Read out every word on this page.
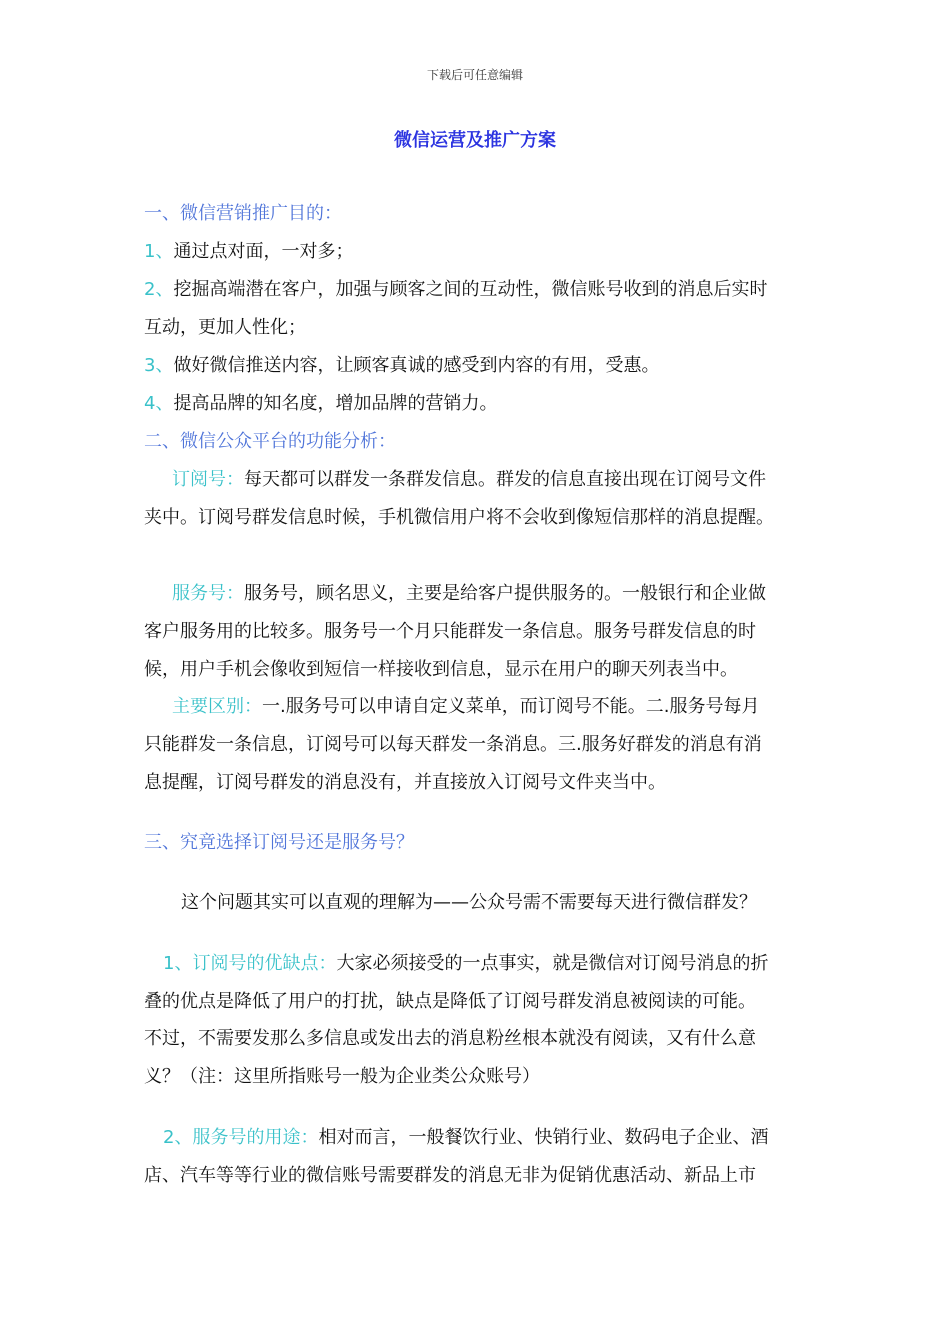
下载后可任意编辑
微信运营及推广方案
一、微信营销推广目的：
1、通过点对面，一对多；
2、挖掘高端潜在客户，加强与顾客之间的互动性，微信账号收到的消息后实时
互动，更加人性化；
3、做好微信推送内容，让顾客真诚的感受到内容的有用，受惠。
4、提高品牌的知名度，增加品牌的营销力。
二、微信公众平台的功能分析：
订阅号：每天都可以群发一条群发信息。群发的信息直接出现在订阅号文件
夹中。订阅号群发信息时候，手机微信用户将不会收到像短信那样的消息提醒。
服务号：服务号，顾名思义，主要是给客户提供服务的。一般银行和企业做
客户服务用的比较多。服务号一个月只能群发一条信息。服务号群发信息的时
候，用户手机会像收到短信一样接收到信息，显示在用户的聊天列表当中。
主要区别：一.服务号可以申请自定义菜单，而订阅号不能。二.服务号每月
只能群发一条信息，订阅号可以每天群发一条消息。三.服务好群发的消息有消
息提醒，订阅号群发的消息没有，并直接放入订阅号文件夹当中。
三、究竟选择订阅号还是服务号？
这个问题其实可以直观的理解为——公众号需不需要每天进行微信群发？
1、订阅号的优缺点：大家必须接受的一点事实，就是微信对订阅号消息的折
叠的优点是降低了用户的打扰，缺点是降低了订阅号群发消息被阅读的可能。
不过，不需要发那么多信息或发出去的消息粉丝根本就没有阅读，又有什么意
义？（注：这里所指账号一般为企业类公众账号）
2、服务号的用途：相对而言，一般餐饮行业、快销行业、数码电子企业、酒
店、汽车等等行业的微信账号需要群发的消息无非为促销优惠活动、新品上市
